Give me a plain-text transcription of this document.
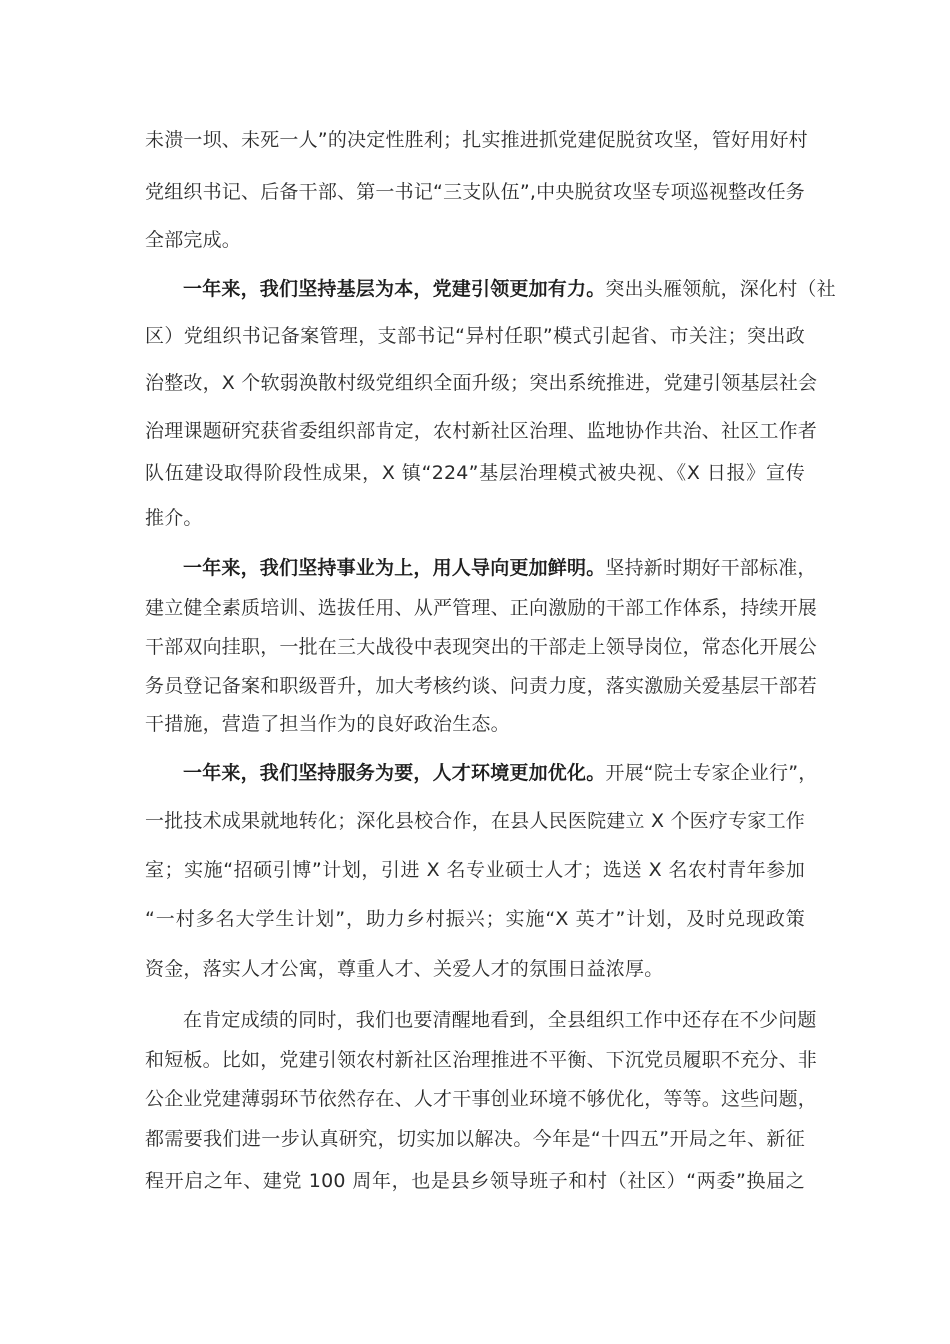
未溃一坝、未死一人”的决定性胜利；扎实推进抓党建促脱贫攻坚，管好用好村
党组织书记、后备干部、第一书记“三支队伍”,中央脱贫攻坚专项巡视整改任务
全部完成。
一年来，我们坚持基层为本，党建引领更加有力。突出头雁领航，深化村（社
区）党组织书记备案管理，支部书记“异村任职”模式引起省、市关注；突出政
治整改，X 个软弱涣散村级党组织全面升级；突出系统推进，党建引领基层社会
治理课题研究获省委组织部肯定，农村新社区治理、监地协作共治、社区工作者
队伍建设取得阶段性成果，X 镇“224”基层治理模式被央视、《X 日报》宣传
推介。
一年来，我们坚持事业为上，用人导向更加鲜明。坚持新时期好干部标准，
建立健全素质培训、选拔任用、从严管理、正向激励的干部工作体系，持续开展
干部双向挂职，一批在三大战役中表现突出的干部走上领导岗位，常态化开展公
务员登记备案和职级晋升，加大考核约谈、问责力度，落实激励关爱基层干部若
干措施，营造了担当作为的良好政治生态。
一年来，我们坚持服务为要，人才环境更加优化。开展“院士专家企业行”，
一批技术成果就地转化；深化县校合作，在县人民医院建立 X 个医疗专家工作
室；实施“招硕引博”计划，引进 X 名专业硕士人才；选送 X 名农村青年参加
“一村多名大学生计划”，助力乡村振兴；实施“X 英才”计划，及时兑现政策
资金，落实人才公寓，尊重人才、关爱人才的氛围日益浓厚。
在肯定成绩的同时，我们也要清醒地看到，全县组织工作中还存在不少问题
和短板。比如，党建引领农村新社区治理推进不平衡、下沉党员履职不充分、非
公企业党建薄弱环节依然存在、人才干事创业环境不够优化，等等。这些问题，
都需要我们进一步认真研究，切实加以解决。今年是“十四五”开局之年、新征
程开启之年、建党 100 周年，也是县乡领导班子和村（社区）“两委”换届之
